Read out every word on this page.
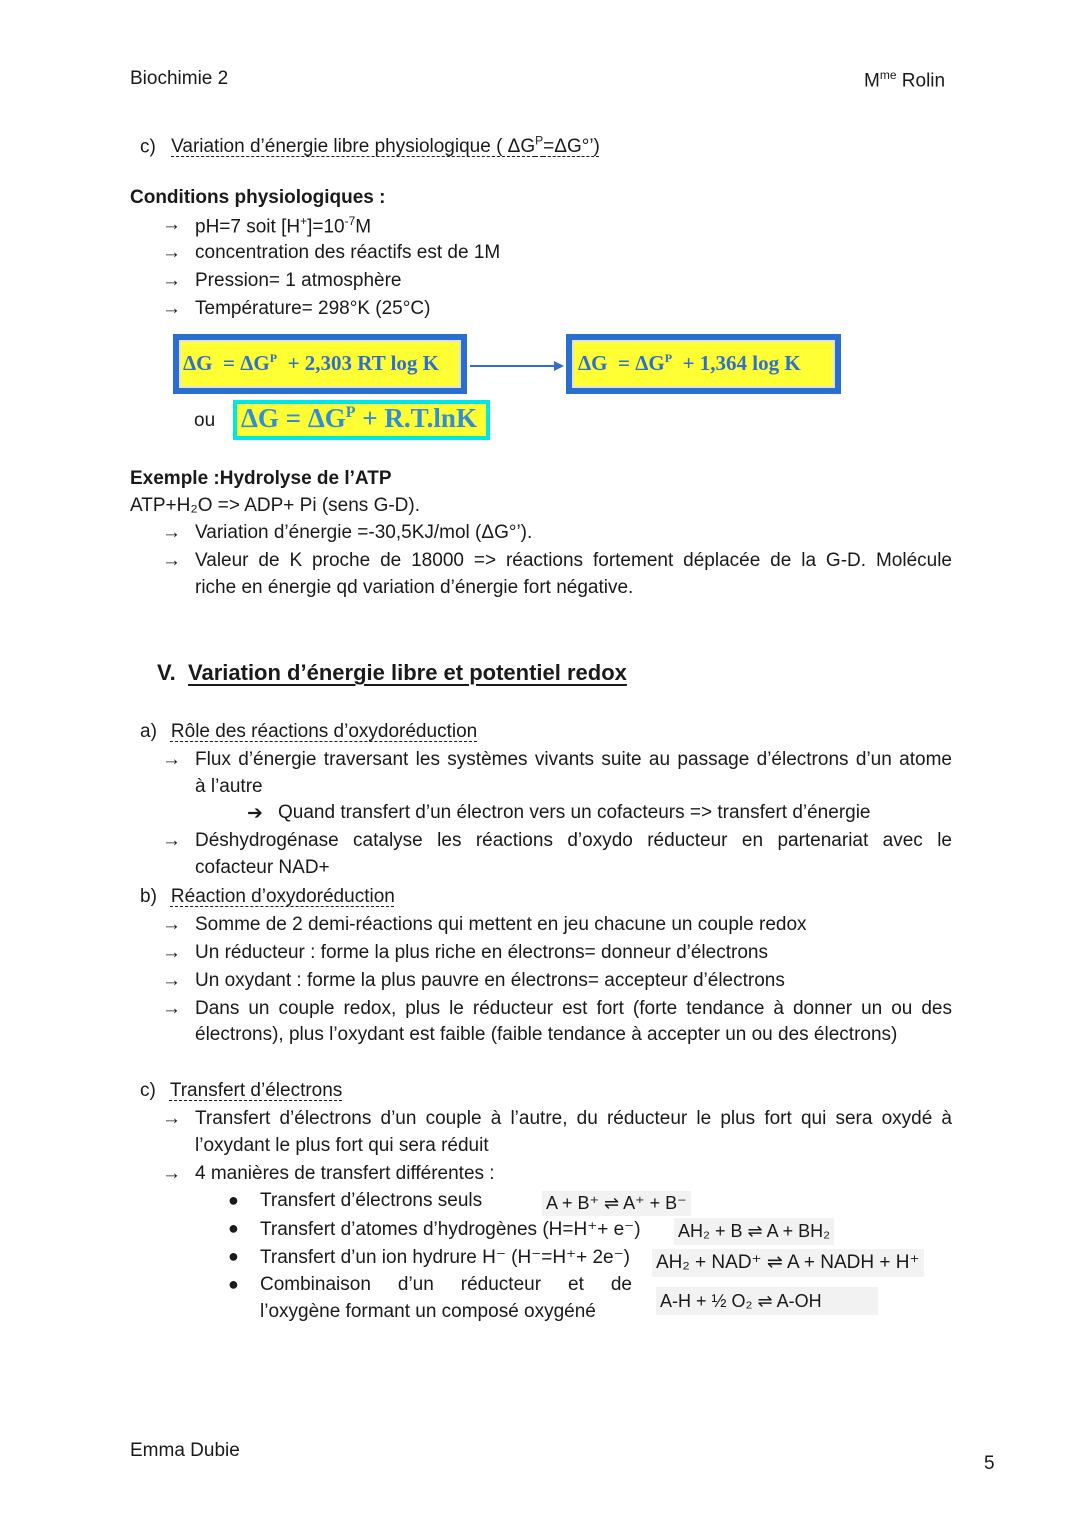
Biochimie 2	$M^{me}$ Rolin
c) Variation d’énergie libre physiologique ( $\Delta G^P=\Delta G^\circ$’)
Conditions physiologiques :
→ pH=7 soit $[H^+]=10^{-7}M$
→ concentration des réactifs est de 1M
→ Pression= 1 atmosphère
→ Température= 298°K (25°C)
$\Delta G = \Delta G^P + 2,303$ RT log K	$\Delta G = \Delta G^P + 1,364$ log K
ou $\Delta G = \Delta G^P + R.T.\ln K$
Exemple :Hydrolyse de l’ATP
ATP+H₂O => ADP+ Pi (sens G-D).
→ Variation d’énergie =-30,5KJ/mol (ΔG°’).
→ Valeur de K proche de 18000 => réactions fortement déplacée de la G-D. Molécule
riche en énergie qd variation d’énergie fort négative.
V. Variation d’énergie libre et potentiel redox
a) Rôle des réactions d’oxydoréduction
→ Flux d’énergie traversant les systèmes vivants suite au passage d’électrons d’un atome
à l’autre
➔ Quand transfert d’un électron vers un cofacteurs => transfert d’énergie
→ Déshydrogénase catalyse les réactions d’oxydo réducteur en partenariat avec le
cofacteur NAD+
b) Réaction d’oxydoréduction
→ Somme de 2 demi-réactions qui mettent en jeu chacune un couple redox
→ Un réducteur : forme la plus riche en électrons= donneur d’électrons
→ Un oxydant : forme la plus pauvre en électrons= accepteur d’électrons
→ Dans un couple redox, plus le réducteur est fort (forte tendance à donner un ou des
électrons), plus l’oxydant est faible (faible tendance à accepter un ou des électrons)
c) Transfert d’électrons
→ Transfert d’électrons d’un couple à l’autre, du réducteur le plus fort qui sera oxydé à
l’oxydant le plus fort qui sera réduit
→ 4 manières de transfert différentes :
● Transfert d’électrons seuls
● Transfert d’atomes d’hydrogènes (H=H⁺+ e⁻)
● Transfert d’un ion hydrure H⁻ (H⁻=H⁺+ 2e⁻)
● Combinaison d’un réducteur et de
l’oxygène formant un composé oxygéné
A + B⁺ ⇌ A⁺ + B⁻
AH₂ + B ⇌ A + BH₂
AH₂ + NAD⁺ ⇌ A + NADH + H⁺
A-H + ½ O₂ ⇌ A-OH
Emma Dubie
5
